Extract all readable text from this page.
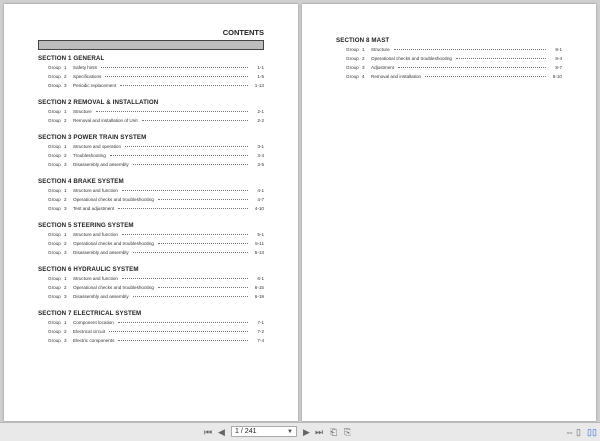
CONTENTS
SECTION 1 GENERAL
Group 1	Safety hints	1-1
Group 2	Specifications	1-5
Group 3	Periodic replacement	1-13
SECTION 2 REMOVAL & INSTALLATION
Group 1	Structure	2-1
Group 2	Removal and installation of Unit	2-2
SECTION 3 POWER TRAIN SYSTEM
Group 1	Structure and operation	3-1
Group 2	Troubleshooting	3-4
Group 3	Disassembly and assembly	3-5
SECTION 4 BRAKE SYSTEM
Group 1	Structure and function	4-1
Group 2	Operational checks and troubleshooting	4-7
Group 3	Test and adjustment	4-10
SECTION 5 STEERING SYSTEM
Group 1	Structure and function	5-1
Group 2	Operational checks and troubleshooting	5-11
Group 3	Disassembly and assembly	5-13
SECTION 6 HYDRAULIC SYSTEM
Group 1	Structure and function	6-1
Group 2	Operational checks and troubleshooting	6-15
Group 3	Disassembly and assembly	6-19
SECTION 7 ELECTRICAL SYSTEM
Group 1	Component location	7-1
Group 2	Electrical circuit	7-2
Group 3	Electric components	7-4
SECTION 8 MAST
Group 1	Structure	8-1
Group 2	Operational checks and troubleshooting	8-4
Group 3	Adjustment	8-7
Group 4	Removal and installation	8-10
⏮ ◀ 1 / 241	▼ ▶ ⏭ ⎗ ⎘	⇔ ▯ ▯▯
